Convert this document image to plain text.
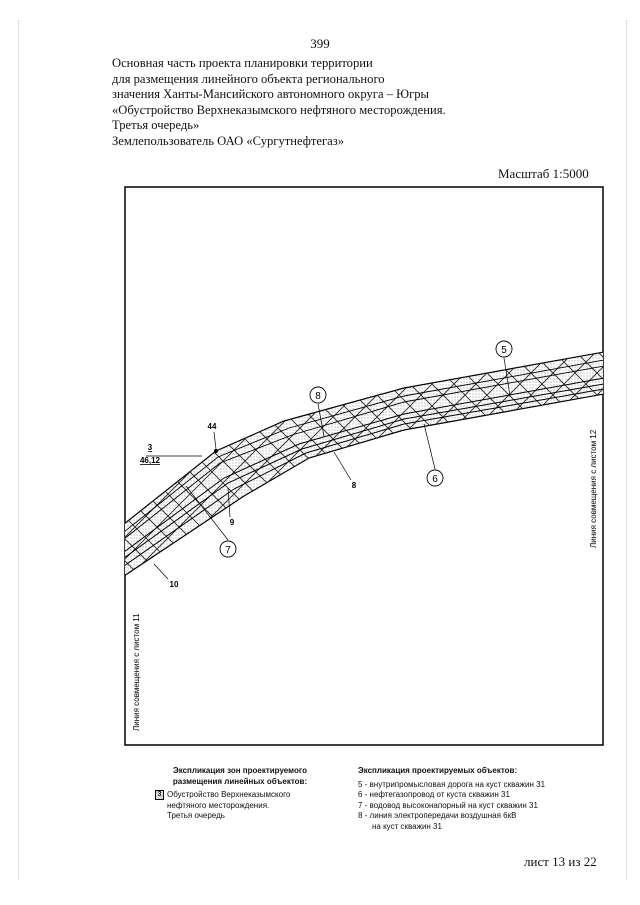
399
Основная часть проекта планировки территории
для размещения линейного объекта регионального
значения Ханты-Мансийского автономного округа – Югры
«Обустройство Верхнеказымского нефтяного месторождения.
Третья очередь»
Землепользователь ОАО «Сургутнефтегаз»
Масштаб 1:5000
5
8
6
7
44
8
9
10
3
46,12
Линия совмещения с листом 11
Линия совмещения с листом 12
Экспликация зон проектируемого
размещения линейных объектов:
3 Обустройство Верхнеказымского
нефтяного месторождения.
Третья очередь
Экспликация проектируемых объектов:
5 - внутрипромысловая дорога на куст скважин 31
6 - нефтегазопровод от куста скважин 31
7 - водовод высоконапорный на куст скважин 31
8 - линия электропередачи воздушная 6кВ
на куст скважин 31
лист 13 из 22
